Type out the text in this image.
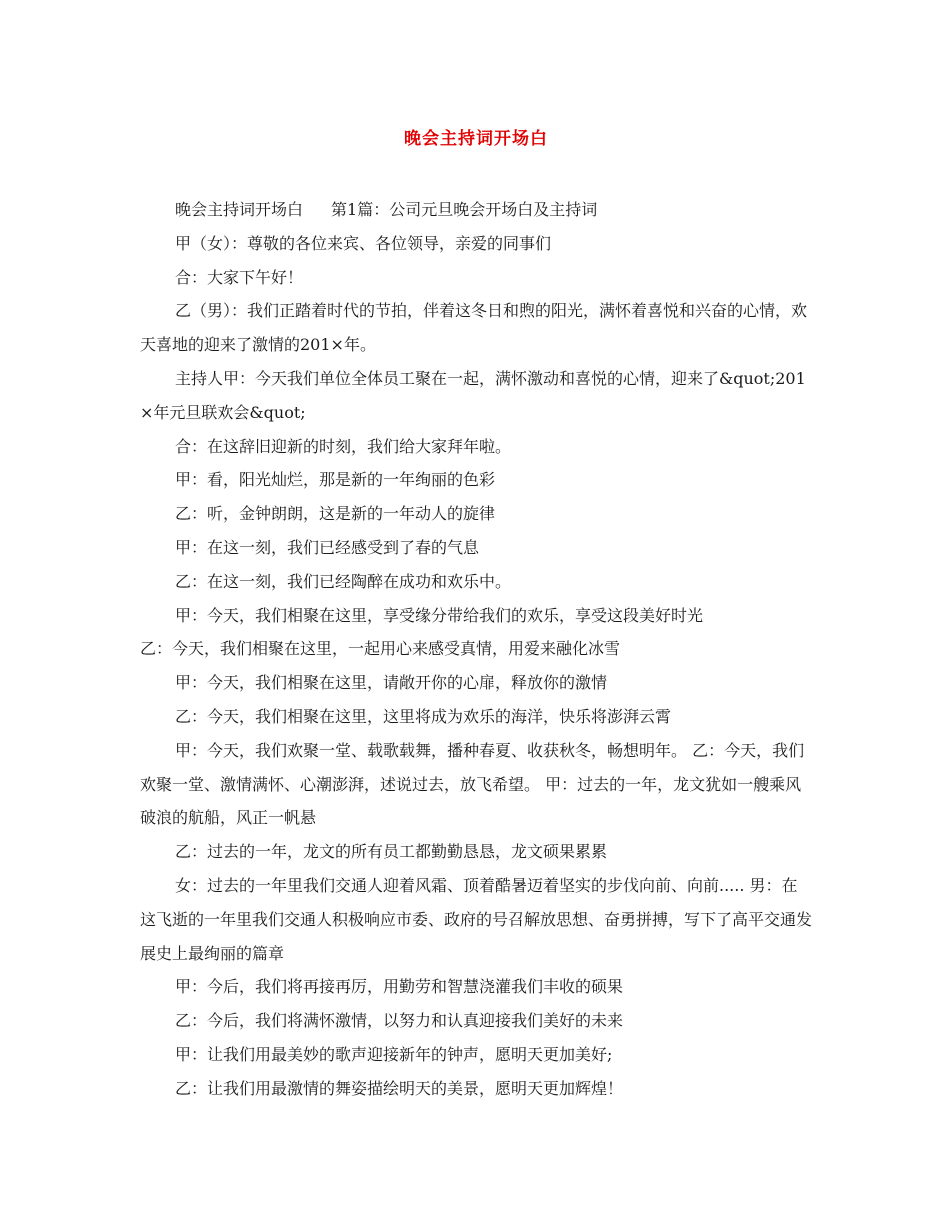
晚会主持词开场白

晚会主持词开场白 第1篇：公司元旦晚会开场白及主持词

甲（女）：尊敬的各位来宾、各位领导，亲爱的同事们

合：大家下午好！

乙（男）：我们正踏着时代的节拍，伴着这冬日和煦的阳光，满怀着喜悦和兴奋的心情，欢天喜地的迎来了激情的201×年。

主持人甲：今天我们单位全体员工聚在一起，满怀激动和喜悦的心情，迎来了&quot;201×年元旦联欢会&quot;

合：在这辞旧迎新的时刻，我们给大家拜年啦。

甲：看，阳光灿烂，那是新的一年绚丽的色彩

乙：听，金钟朗朗，这是新的一年动人的旋律

甲：在这一刻，我们已经感受到了春的气息

乙：在这一刻，我们已经陶醉在成功和欢乐中。

甲：今天，我们相聚在这里，享受缘分带给我们的欢乐，享受这段美好时光

乙：今天，我们相聚在这里，一起用心来感受真情，用爱来融化冰雪

甲：今天，我们相聚在这里，请敞开你的心扉，释放你的激情

乙：今天，我们相聚在这里，这里将成为欢乐的海洋，快乐将澎湃云霄

甲：今天，我们欢聚一堂、载歌载舞，播种春夏、收获秋冬，畅想明年。 乙：今天，我们欢聚一堂、激情满怀、心潮澎湃，述说过去，放飞希望。 甲：过去的一年，龙文犹如一艘乘风破浪的航船，风正一帆悬

乙：过去的一年，龙文的所有员工都勤勤恳恳，龙文硕果累累

女：过去的一年里我们交通人迎着风霜、顶着酷暑迈着坚实的步伐向前、向前..... 男：在这飞逝的一年里我们交通人积极响应市委、政府的号召解放思想、奋勇拼搏，写下了高平交通发展史上最绚丽的篇章

甲：今后，我们将再接再厉，用勤劳和智慧浇灌我们丰收的硕果

乙：今后，我们将满怀激情，以努力和认真迎接我们美好的未来

甲：让我们用最美妙的歌声迎接新年的钟声，愿明天更加美好;

乙：让我们用最激情的舞姿描绘明天的美景，愿明天更加辉煌！
